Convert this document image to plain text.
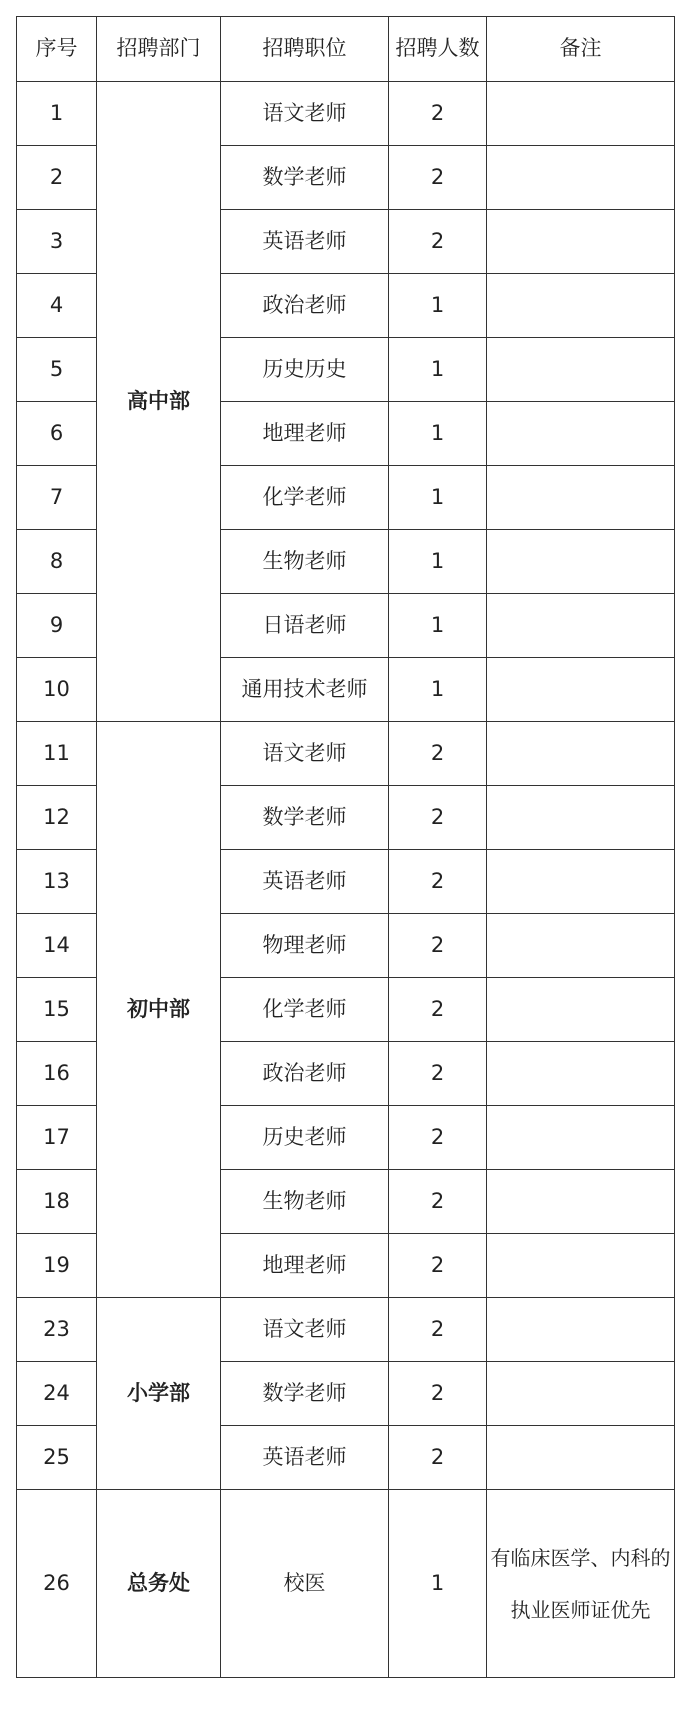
序号	招聘部门	招聘职位	招聘人数	备注
1	高中部	语文老师	2	
2		数学老师	2	
3		英语老师	2	
4		政治老师	1	
5		历史历史	1	
6		地理老师	1	
7		化学老师	1	
8		生物老师	1	
9		日语老师	1	
10		通用技术老师	1	
11	初中部	语文老师	2	
12		数学老师	2	
13		英语老师	2	
14		物理老师	2	
15		化学老师	2	
16		政治老师	2	
17		历史老师	2	
18		生物老师	2	
19		地理老师	2	
23	小学部	语文老师	2	
24		数学老师	2	
25		英语老师	2	
26	总务处	校医	1	有临床医学、内科的执业医师证优先
